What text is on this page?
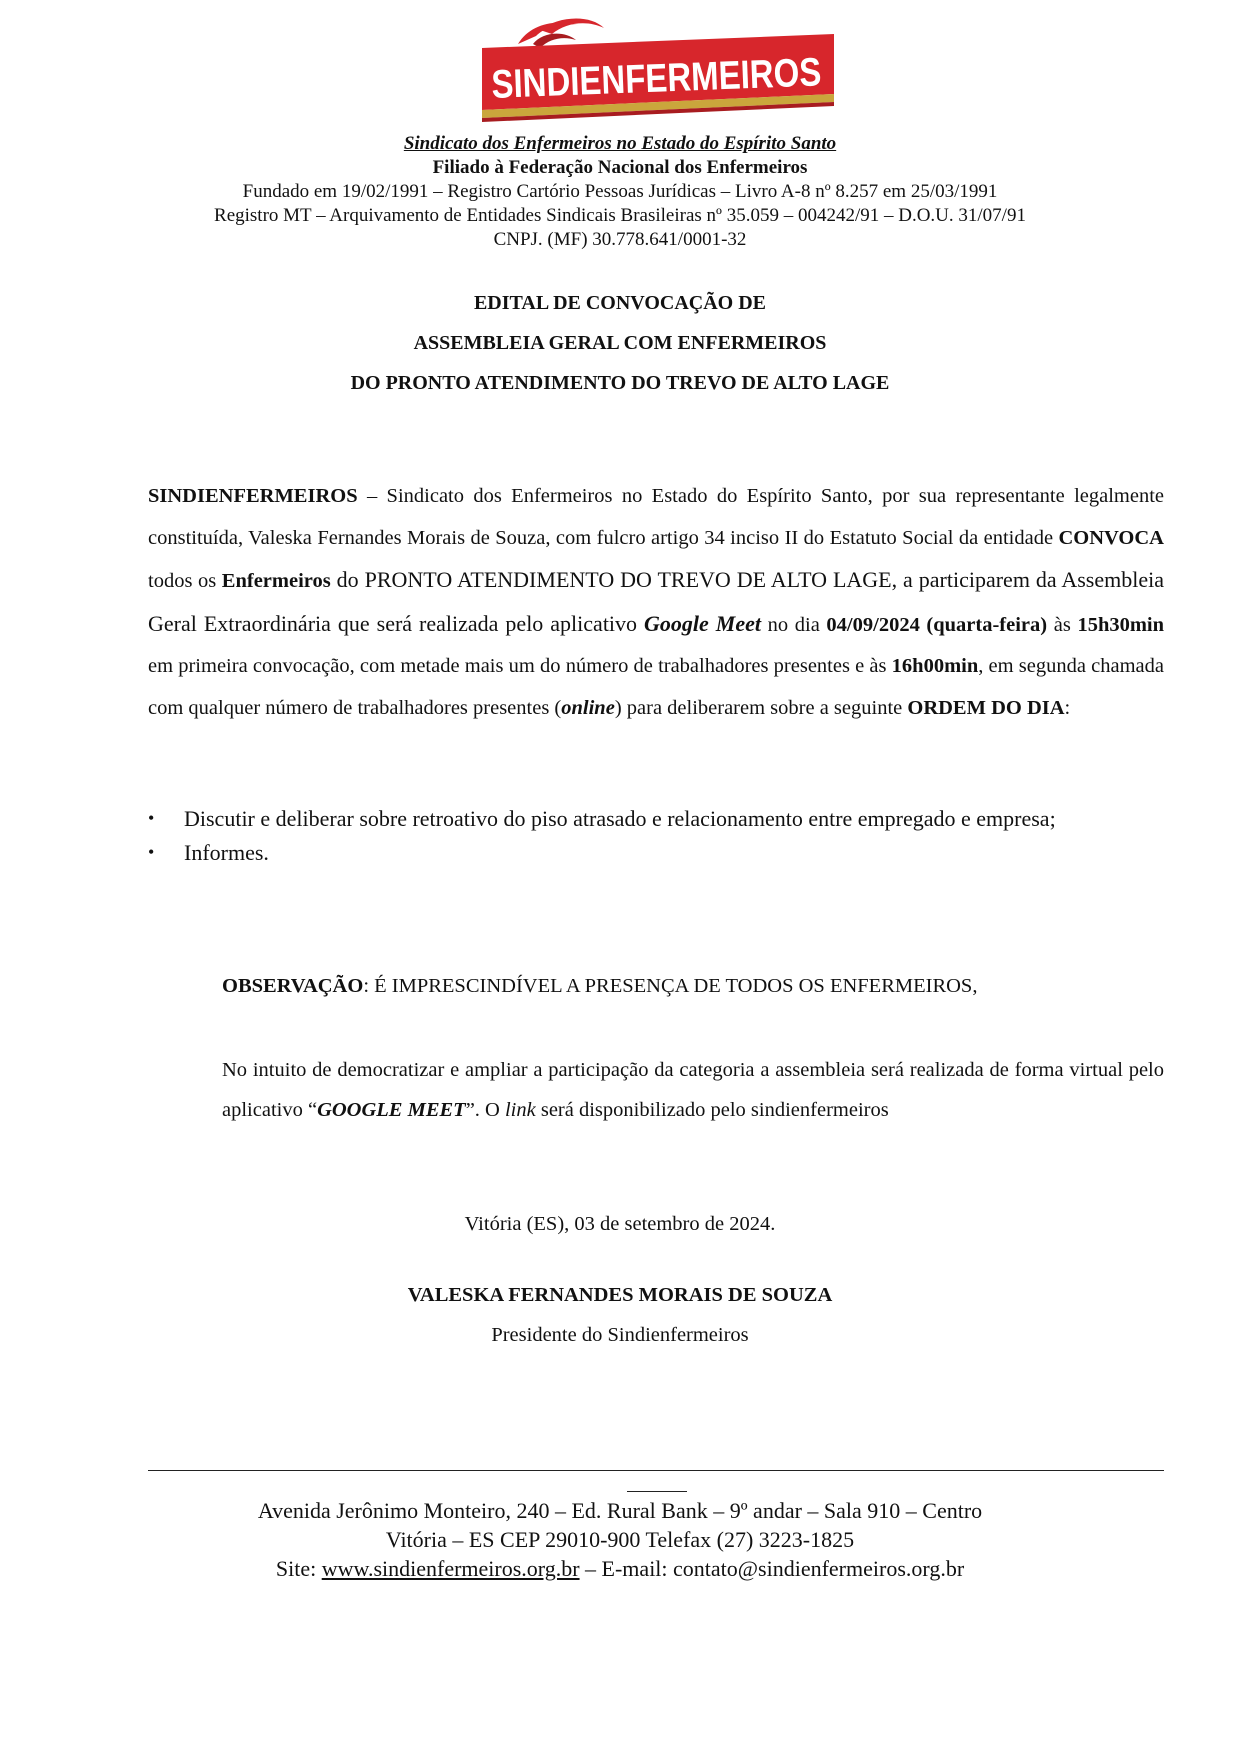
SINDIENFERMEIROS

Sindicato dos Enfermeiros no Estado do Espírito Santo

Filiado à Federação Nacional dos Enfermeiros

Fundado em 19/02/1991 – Registro Cartório Pessoas Jurídicas – Livro A-8 nº 8.257 em 25/03/1991

Registro MT – Arquivamento de Entidades Sindicais Brasileiras nº 35.059 – 004242/91 – D.O.U. 31/07/91

CNPJ. (MF) 30.778.641/0001-32

EDITAL DE CONVOCAÇÃO DE

ASSEMBLEIA GERAL COM ENFERMEIROS

DO PRONTO ATENDIMENTO DO TREVO DE ALTO LAGE

SINDIENFERMEIROS – Sindicato dos Enfermeiros no Estado do Espírito Santo, por sua representante legalmente constituída, Valeska Fernandes Morais de Souza, com fulcro artigo 34 inciso II do Estatuto Social da entidade CONVOCA todos os Enfermeiros do PRONTO ATENDIMENTO DO TREVO DE ALTO LAGE, a participarem da Assembleia Geral Extraordinária que será realizada pelo aplicativo Google Meet no dia 04/09/2024 (quarta-feira) às 15h30min em primeira convocação, com metade mais um do número de trabalhadores presentes e às 16h00min, em segunda chamada com qualquer número de trabalhadores presentes (online) para deliberarem sobre a seguinte ORDEM DO DIA:

• Discutir e deliberar sobre retroativo do piso atrasado e relacionamento entre empregado e empresa;
• Informes.

OBSERVAÇÃO: É IMPRESCINDÍVEL A PRESENÇA DE TODOS OS ENFERMEIROS,

No intuito de democratizar e ampliar a participação da categoria a assembleia será realizada de forma virtual pelo aplicativo “GOOGLE MEET”. O link será disponibilizado pelo sindienfermeiros

Vitória (ES), 03 de setembro de 2024.

VALESKA FERNANDES MORAIS DE SOUZA

Presidente do Sindienfermeiros

Avenida Jerônimo Monteiro, 240 – Ed. Rural Bank – 9º andar – Sala 910 – Centro

Vitória – ES CEP 29010-900 Telefax (27) 3223-1825

Site: www.sindienfermeiros.org.br – E-mail: contato@sindienfermeiros.org.br
